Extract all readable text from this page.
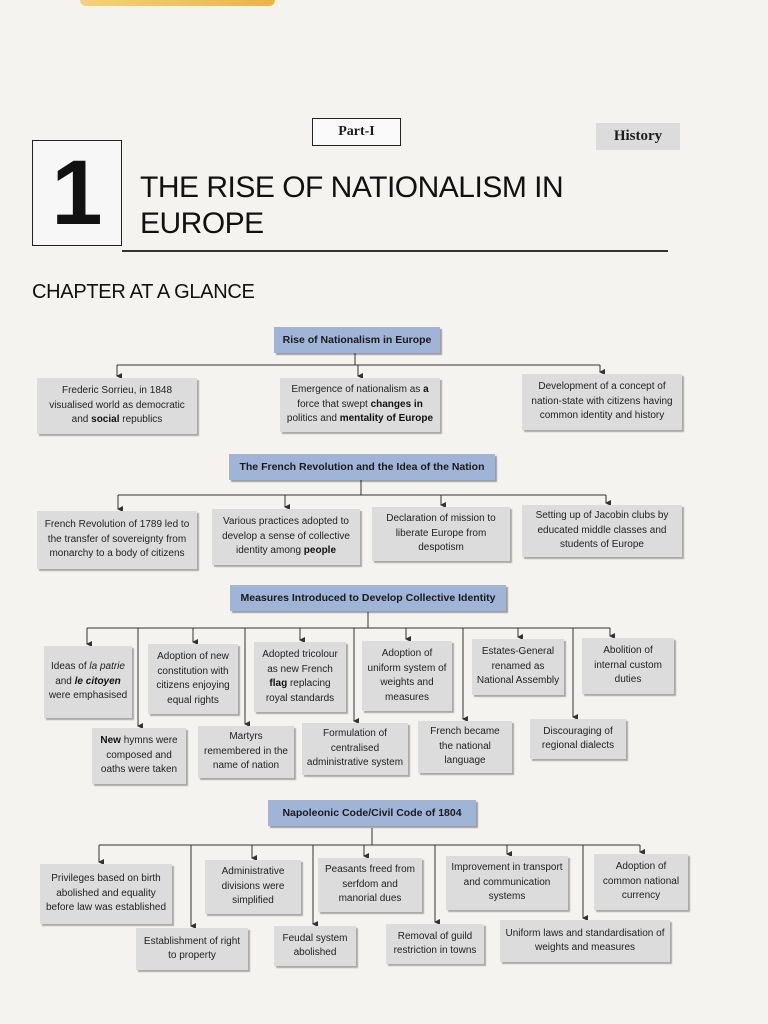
Part-I	History
1	THE RISE OF NATIONALISM IN
EUROPE
CHAPTER AT A GLANCE
Rise of Nationalism in Europe
Frederic Sorrieu, in 1848 visualised world as democratic and social republics
Emergence of nationalism as a force that swept changes in politics and mentality of Europe
Development of a concept of nation-state with citizens having common identity and history
The French Revolution and the Idea of the Nation
French Revolution of 1789 led to the transfer of sovereignty from monarchy to a body of citizens
Various practices adopted to develop a sense of collective identity among people
Declaration of mission to liberate Europe from despotism
Setting up of Jacobin clubs by educated middle classes and students of Europe
Measures Introduced to Develop Collective Identity
Ideas of la patrie and le citoyen were emphasised
Adoption of new constitution with citizens enjoying equal rights
Adopted tricolour as new French flag replacing royal standards
Adoption of uniform system of weights and measures
Estates-General renamed as National Assembly
Abolition of internal custom duties
New hymns were composed and oaths were taken
Martyrs remembered in the name of nation
Formulation of centralised administrative system
French became the national language
Discouraging of regional dialects
Napoleonic Code/Civil Code of 1804
Privileges based on birth abolished and equality before law was established
Administrative divisions were simplified
Peasants freed from serfdom and manorial dues
Improvement in transport and communication systems
Adoption of common national currency
Establishment of right to property
Feudal system abolished
Removal of guild restriction in towns
Uniform laws and standardisation of weights and measures
